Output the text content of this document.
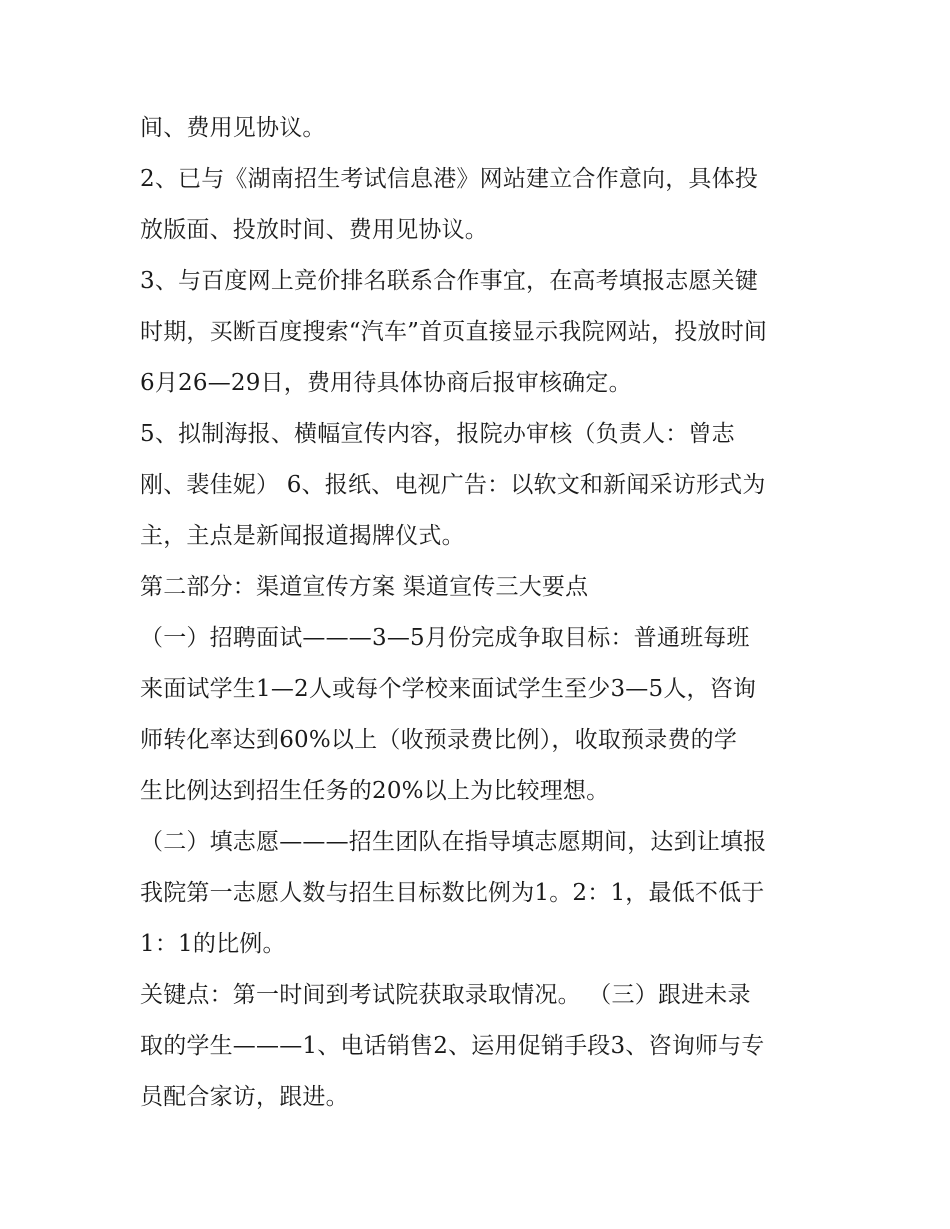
间、费用见协议。
2、已与《湖南招生考试信息港》网站建立合作意向，具体投
放版面、投放时间、费用见协议。
3、与百度网上竞价排名联系合作事宜，在高考填报志愿关键
时期，买断百度搜索“汽车”首页直接显示我院网站，投放时间
6月26—29日，费用待具体协商后报审核确定。
5、拟制海报、横幅宣传内容，报院办审核（负责人：曾志
刚、裴佳妮） 6、报纸、电视广告：以软文和新闻采访形式为
主，主点是新闻报道揭牌仪式。
第二部分：渠道宣传方案 渠道宣传三大要点
（一）招聘面试———3—5月份完成争取目标：普通班每班
来面试学生1—2人或每个学校来面试学生至少3—5人，咨询
师转化率达到60%以上（收预录费比例），收取预录费的学
生比例达到招生任务的20%以上为比较理想。
（二）填志愿———招生团队在指导填志愿期间，达到让填报
我院第一志愿人数与招生目标数比例为1。2：1，最低不低于
1：1的比例。
关键点：第一时间到考试院获取录取情况。 （三）跟进未录
取的学生———1、电话销售2、运用促销手段3、咨询师与专
员配合家访，跟进。
